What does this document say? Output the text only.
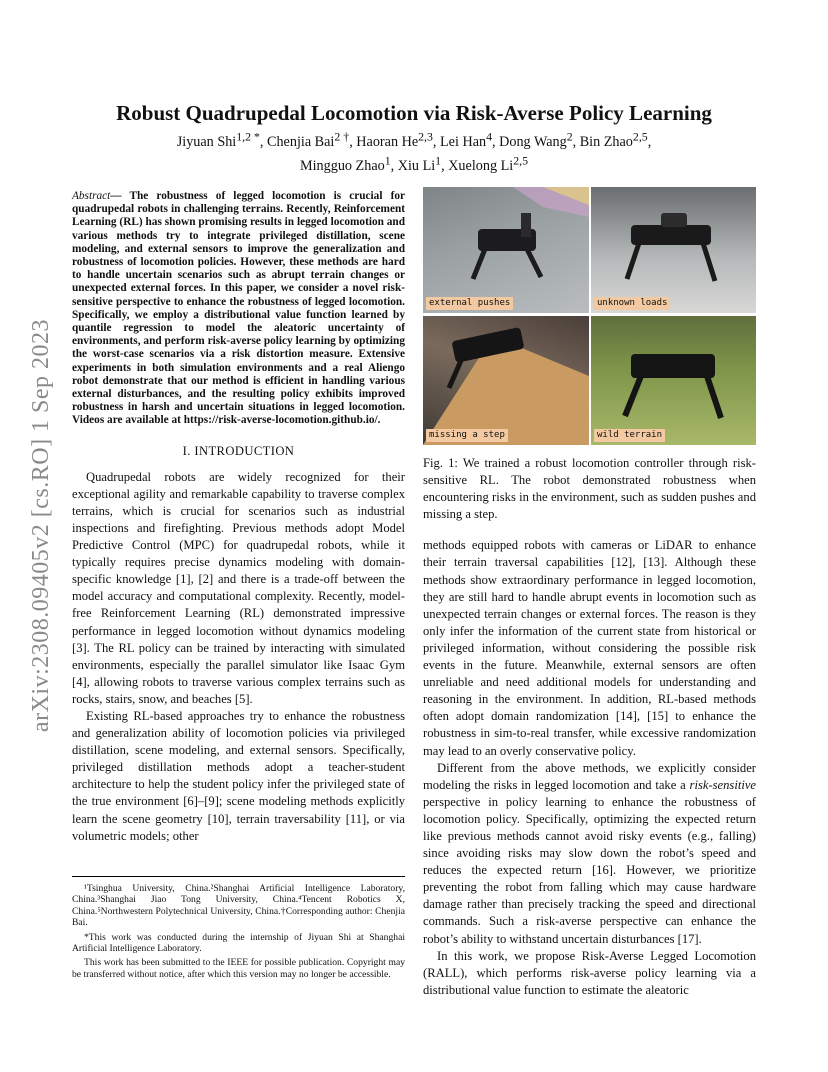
arXiv:2308.09405v2 [cs.RO] 1 Sep 2023
Robust Quadrupedal Locomotion via Risk-Averse Policy Learning
Jiyuan Shi$^{1,2 *}$, Chenjia Bai$^{2 \dagger}$, Haoran He$^{2,3}$, Lei Han$^4$, Dong Wang$^2$, Bin Zhao$^{2,5}$,
Mingguo Zhao$^1$, Xiu Li$^1$, Xuelong Li$^{2,5}$

Abstract— The robustness of legged locomotion is crucial for quadrupedal robots in challenging terrains. Recently, Reinforcement Learning (RL) has shown promising results in legged locomotion and various methods try to integrate privileged distillation, scene modeling, and external sensors to improve the generalization and robustness of locomotion policies. However, these methods are hard to handle uncertain scenarios such as abrupt terrain changes or unexpected external forces. In this paper, we consider a novel risk-sensitive perspective to enhance the robustness of legged locomotion. Specifically, we employ a distributional value function learned by quantile regression to model the aleatoric uncertainty of environments, and perform risk-averse policy learning by optimizing the worst-case scenarios via a risk distortion measure. Extensive experiments in both simulation environments and a real Aliengo robot demonstrate that our method is efficient in handling various external disturbances, and the resulting policy exhibits improved robustness in harsh and uncertain situations in legged locomotion. Videos are available at https://risk-averse-locomotion.github.io/.

I. INTRODUCTION

Quadrupedal robots are widely recognized for their exceptional agility and remarkable capability to traverse complex terrains, which is crucial for scenarios such as industrial inspections and firefighting. Previous methods adopt Model Predictive Control (MPC) for quadrupedal robots, while it typically requires precise dynamics modeling with domain-specific knowledge [1], [2] and there is a trade-off between the model accuracy and computational complexity. Recently, model-free Reinforcement Learning (RL) demonstrated impressive performance in legged locomotion without dynamics modeling [3]. The RL policy can be trained by interacting with simulated environments, especially the parallel simulator like Isaac Gym [4], allowing robots to traverse various complex terrains such as rocks, stairs, snow, and beaches [5].

Existing RL-based approaches try to enhance the robustness and generalization ability of locomotion policies via privileged distillation, scene modeling, and external sensors. Specifically, privileged distillation methods adopt a teacher-student architecture to help the student policy infer the privileged state of the true environment [6]–[9]; scene modeling methods explicitly learn the scene geometry [10], terrain traversability [11], or via volumetric models; other

¹Tsinghua University, China.²Shanghai Artificial Intelligence Laboratory, China.³Shanghai Jiao Tong University, China.⁴Tencent Robotics X, China.⁵Northwestern Polytechnical University, China.†Corresponding author: Chenjia Bai.

*This work was conducted during the internship of Jiyuan Shi at Shanghai Artificial Intelligence Laboratory.

This work has been submitted to the IEEE for possible publication. Copyright may be transferred without notice, after which this version may no longer be accessible.

external pushes	unknown loads
missing a step	wild terrain

Fig. 1: We trained a robust locomotion controller through risk-sensitive RL. The robot demonstrated robustness when encountering risks in the environment, such as sudden pushes and missing a step.

methods equipped robots with cameras or LiDAR to enhance their terrain traversal capabilities [12], [13]. Although these methods show extraordinary performance in legged locomotion, they are still hard to handle abrupt events in locomotion such as unexpected terrain changes or external forces. The reason is they only infer the information of the current state from historical or privileged information, without considering the possible risk events in the future. Meanwhile, external sensors are often unreliable and need additional models for understanding and reasoning in the environment. In addition, RL-based methods often adopt domain randomization [14], [15] to enhance the robustness in sim-to-real transfer, while excessive randomization may lead to an overly conservative policy.

Different from the above methods, we explicitly consider modeling the risks in legged locomotion and take a risk-sensitive perspective in policy learning to enhance the robustness of locomotion policy. Specifically, optimizing the expected return like previous methods cannot avoid risky events (e.g., falling) since avoiding risks may slow down the robot’s speed and reduces the expected return [16]. However, we prioritize preventing the robot from falling which may cause hardware damage rather than precisely tracking the speed and directional commands. Such a risk-averse perspective can enhance the robot’s ability to withstand uncertain disturbances [17].

In this work, we propose Risk-Averse Legged Locomotion (RALL), which performs risk-averse policy learning via a distributional value function to estimate the aleatoric
